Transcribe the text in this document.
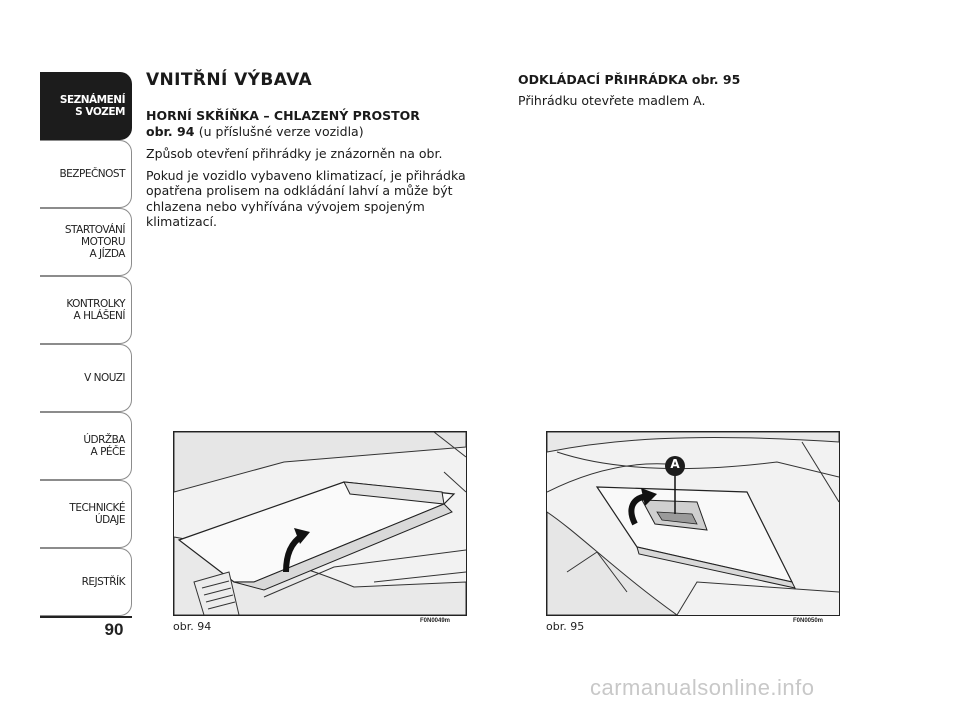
SEZNÁMENÍ
S VOZEM
BEZPEČNOST
STARTOVÁNÍ
MOTORU
A JÍZDA
KONTROLKY
A HLÁŠENÍ
V NOUZI
ÚDRŽBA
A PÉČE
TECHNICKÉ
ÚDAJE
REJSTŘÍK
90
VNITŘNÍ VÝBAVA
HORNÍ SKŘÍŇKA – CHLAZENÝ PROSTOR
obr. 94 (u příslušné verze vozidla)

Způsob otevření přihrádky je znázorněn na obr.

Pokud je vozidlo vybaveno klimatizací, je přihrádka opatřena prolisem na odkládání lahví a může být chlazena nebo vyhřívána vývojem spojeným klimatizací.

ODKLÁDACÍ PŘIHRÁDKA obr. 95

Přihrádku otevřete madlem A.

obr. 94	F0N0049m
A
obr. 95	F0N0050m
carmanualsonline.info
